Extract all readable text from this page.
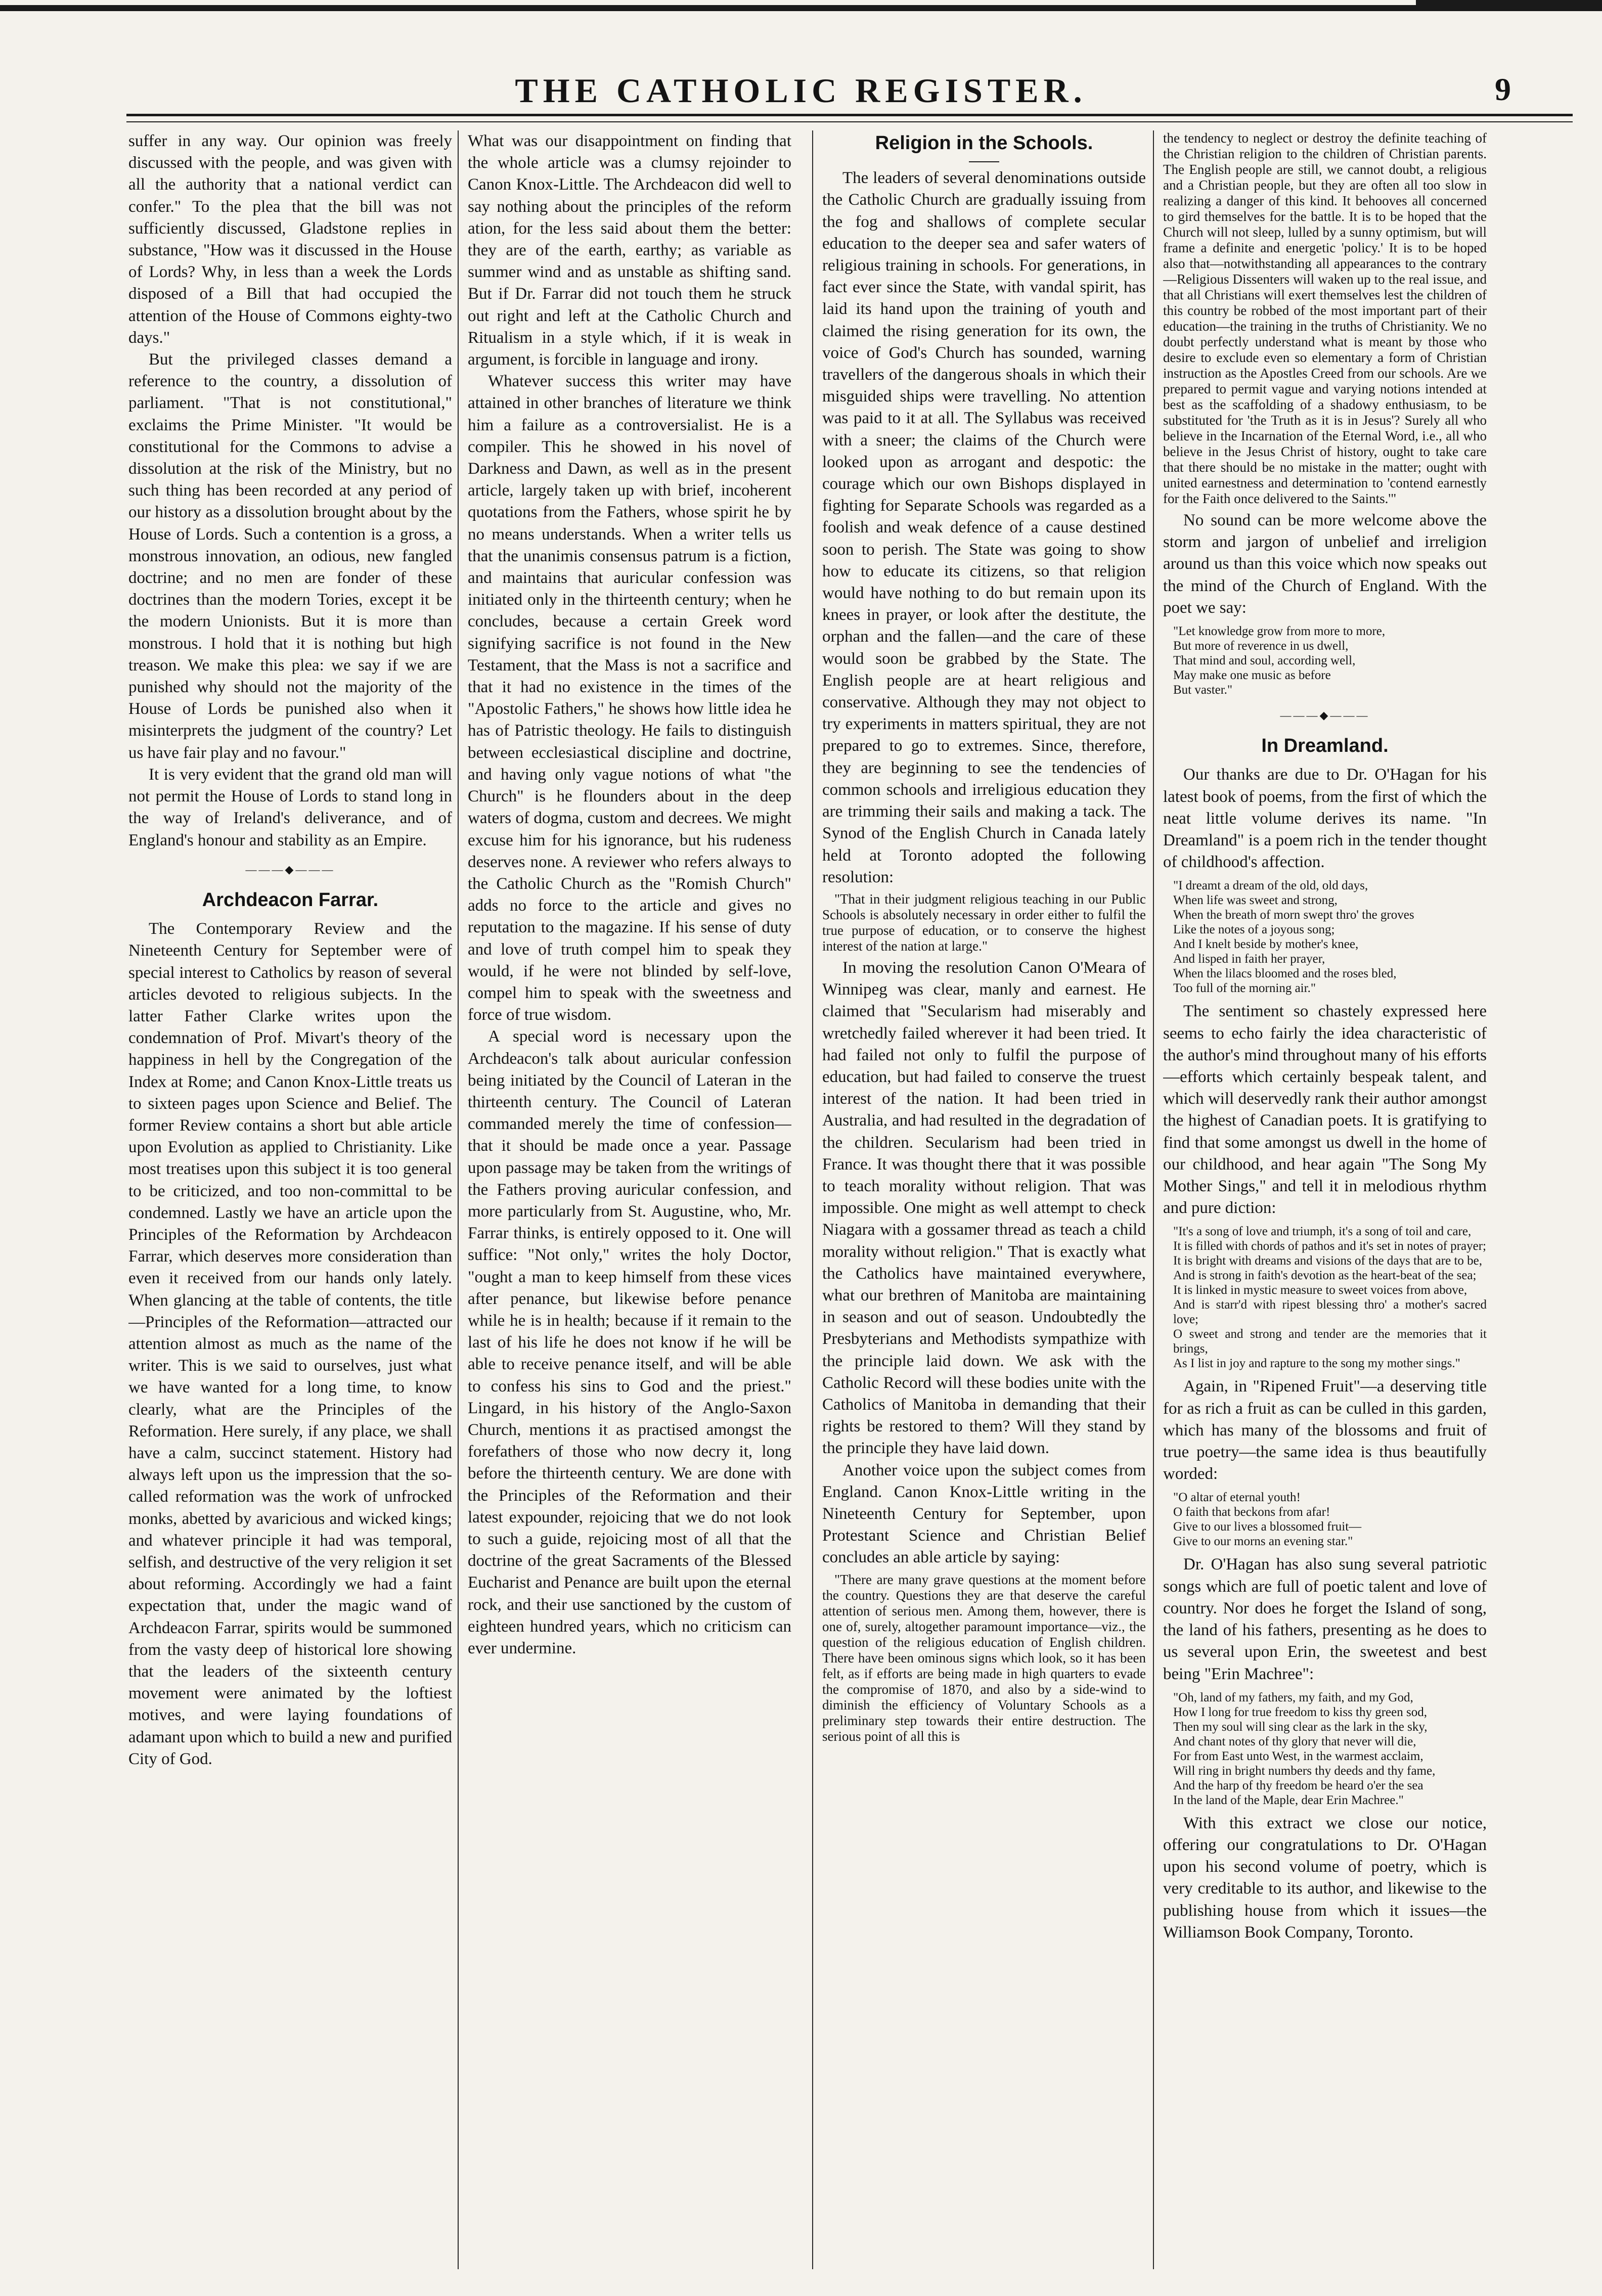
THE CATHOLIC REGISTER.	9

suffer in any way. Our opinion was freely discussed with the people, and was given with all the authority that a national verdict can confer." To the plea that the bill was not sufficiently discussed, Gladstone replies in substance, "How was it discussed in the House of Lords? Why, in less than a week the Lords disposed of a Bill that had occupied the attention of the House of Commons eighty-two days."

But the privileged classes demand a reference to the country, a dissolution of parliament. "That is not constitutional," exclaims the Prime Minister. "It would be constitutional for the Commons to advise a dissolution at the risk of the Ministry, but no such thing has been recorded at any period of our history as a dissolution brought about by the House of Lords. Such a contention is a gross, a monstrous innovation, an odious, new fangled doctrine; and no men are fonder of these doctrines than the modern Tories, except it be the modern Unionists. But it is more than monstrous. I hold that it is nothing but high treason. We make this plea: we say if we are punished why should not the majority of the House of Lords be punished also when it misinterprets the judgment of the country? Let us have fair play and no favour."

It is very evident that the grand old man will not permit the House of Lords to stand long in the way of Ireland's deliverance, and of England's honour and stability as an Empire.

―――◆―――
Archdeacon Farrar.

The Contemporary Review and the Nineteenth Century for September were of special interest to Catholics by reason of several articles devoted to religious subjects. In the latter Father Clarke writes upon the condemnation of Prof. Mivart's theory of the happiness in hell by the Congregation of the Index at Rome; and Canon Knox-Little treats us to sixteen pages upon Science and Belief. The former Review contains a short but able article upon Evolution as applied to Christianity. Like most treatises upon this subject it is too general to be criticized, and too non-committal to be condemned. Lastly we have an article upon the Principles of the Reformation by Archdeacon Farrar, which deserves more consideration than even it received from our hands only lately. When glancing at the table of contents, the title—Principles of the Reformation—attracted our attention almost as much as the name of the writer. This is we said to ourselves, just what we have wanted for a long time, to know clearly, what are the Principles of the Reformation. Here surely, if any place, we shall have a calm, succinct statement. History had always left upon us the impression that the so-called reformation was the work of unfrocked monks, abetted by avaricious and wicked kings; and whatever principle it had was temporal, selfish, and destructive of the very religion it set about reforming. Accordingly we had a faint expectation that, under the magic wand of Archdeacon Farrar, spirits would be summoned from the vasty deep of historical lore showing that the leaders of the sixteenth century movement were animated by the loftiest motives, and were laying foundations of adamant upon which to build a new and purified City of God.

What was our disappointment on finding that the whole article was a clumsy rejoinder to Canon Knox-Little. The Archdeacon did well to say nothing about the principles of the reform ation, for the less said about them the better: they are of the earth, earthy; as variable as summer wind and as unstable as shifting sand. But if Dr. Farrar did not touch them he struck out right and left at the Catholic Church and Ritualism in a style which, if it is weak in argument, is forcible in language and irony.

Whatever success this writer may have attained in other branches of literature we think him a failure as a controversialist. He is a compiler. This he showed in his novel of Darkness and Dawn, as well as in the present article, largely taken up with brief, incoherent quotations from the Fathers, whose spirit he by no means understands. When a writer tells us that the unanimis consensus patrum is a fiction, and maintains that auricular confession was initiated only in the thirteenth century; when he concludes, because a certain Greek word signifying sacrifice is not found in the New Testament, that the Mass is not a sacrifice and that it had no existence in the times of the "Apostolic Fathers," he shows how little idea he has of Patristic theology. He fails to distinguish between ecclesiastical discipline and doctrine, and having only vague notions of what "the Church" is he flounders about in the deep waters of dogma, custom and decrees. We might excuse him for his ignorance, but his rudeness deserves none. A reviewer who refers always to the Catholic Church as the "Romish Church" adds no force to the article and gives no reputation to the magazine. If his sense of duty and love of truth compel him to speak they would, if he were not blinded by self-love, compel him to speak with the sweetness and force of true wisdom.

A special word is necessary upon the Archdeacon's talk about auricular confession being initiated by the Council of Lateran in the thirteenth century. The Council of Lateran commanded merely the time of confession—that it should be made once a year. Passage upon passage may be taken from the writings of the Fathers proving auricular confession, and more particularly from St. Augustine, who, Mr. Farrar thinks, is entirely opposed to it. One will suffice: "Not only," writes the holy Doctor, "ought a man to keep himself from these vices after penance, but likewise before penance while he is in health; because if it remain to the last of his life he does not know if he will be able to receive penance itself, and will be able to confess his sins to God and the priest." Lingard, in his history of the Anglo-Saxon Church, mentions it as practised amongst the forefathers of those who now decry it, long before the thirteenth century. We are done with the Principles of the Reformation and their latest expounder, rejoicing that we do not look to such a guide, rejoicing most of all that the doctrine of the great Sacraments of the Blessed Eucharist and Penance are built upon the eternal rock, and their use sanctioned by the custom of eighteen hundred years, which no criticism can ever undermine.

Religion in the Schools.

The leaders of several denominations outside the Catholic Church are gradually issuing from the fog and shallows of complete secular education to the deeper sea and safer waters of religious training in schools. For generations, in fact ever since the State, with vandal spirit, has laid its hand upon the training of youth and claimed the rising generation for its own, the voice of God's Church has sounded, warning travellers of the dangerous shoals in which their misguided ships were travelling. No attention was paid to it at all. The Syllabus was received with a sneer; the claims of the Church were looked upon as arrogant and despotic: the courage which our own Bishops displayed in fighting for Separate Schools was regarded as a foolish and weak defence of a cause destined soon to perish. The State was going to show how to educate its citizens, so that religion would have nothing to do but remain upon its knees in prayer, or look after the destitute, the orphan and the fallen—and the care of these would soon be grabbed by the State. The English people are at heart religious and conservative. Although they may not object to try experiments in matters spiritual, they are not prepared to go to extremes. Since, therefore, they are beginning to see the tendencies of common schools and irreligious education they are trimming their sails and making a tack. The Synod of the English Church in Canada lately held at Toronto adopted the following resolution:

"That in their judgment religious teaching in our Public Schools is absolutely necessary in order either to fulfil the true purpose of education, or to conserve the highest interest of the nation at large."

In moving the resolution Canon O'Meara of Winnipeg was clear, manly and earnest. He claimed that "Secularism had miserably and wretchedly failed wherever it had been tried. It had failed not only to fulfil the purpose of education, but had failed to conserve the truest interest of the nation. It had been tried in Australia, and had resulted in the degradation of the children. Secularism had been tried in France. It was thought there that it was possible to teach morality without religion. That was impossible. One might as well attempt to check Niagara with a gossamer thread as teach a child morality without religion." That is exactly what the Catholics have maintained everywhere, what our brethren of Manitoba are maintaining in season and out of season. Undoubtedly the Presbyterians and Methodists sympathize with the principle laid down. We ask with the Catholic Record will these bodies unite with the Catholics of Manitoba in demanding that their rights be restored to them? Will they stand by the principle they have laid down.

Another voice upon the subject comes from England. Canon Knox-Little writing in the Nineteenth Century for September, upon Protestant Science and Christian Belief concludes an able article by saying:

"There are many grave questions at the moment before the country. Questions they are that deserve the careful attention of serious men. Among them, however, there is one of, surely, altogether paramount importance—viz., the question of the religious education of English children. There have been ominous signs which look, so it has been felt, as if efforts are being made in high quarters to evade the compromise of 1870, and also by a side-wind to diminish the efficiency of Voluntary Schools as a preliminary step towards their entire destruction. The serious point of all this is

the tendency to neglect or destroy the definite teaching of the Christian religion to the children of Christian parents. The English people are still, we cannot doubt, a religious and a Christian people, but they are often all too slow in realizing a danger of this kind. It behooves all concerned to gird themselves for the battle. It is to be hoped that the Church will not sleep, lulled by a sunny optimism, but will frame a definite and energetic 'policy.' It is to be hoped also that—notwithstanding all appearances to the contrary—Religious Dissenters will waken up to the real issue, and that all Christians will exert themselves lest the children of this country be robbed of the most important part of their education—the training in the truths of Christianity. We no doubt perfectly understand what is meant by those who desire to exclude even so elementary a form of Christian instruction as the Apostles Creed from our schools. Are we prepared to permit vague and varying notions intended at best as the scaffolding of a shadowy enthusiasm, to be substituted for 'the Truth as it is in Jesus'? Surely all who believe in the Incarnation of the Eternal Word, i.e., all who believe in the Jesus Christ of history, ought to take care that there should be no mistake in the matter; ought with united earnestness and determination to 'contend earnestly for the Faith once delivered to the Saints.'"

No sound can be more welcome above the storm and jargon of unbelief and irreligion around us than this voice which now speaks out the mind of the Church of England. With the poet we say:

"Let knowledge grow from more to more,
But more of reverence in us dwell,
That mind and soul, according well,
May make one music as before
But vaster."
―――◆―――
In Dreamland.

Our thanks are due to Dr. O'Hagan for his latest book of poems, from the first of which the neat little volume derives its name. "In Dreamland" is a poem rich in the tender thought of childhood's affection.

"I dreamt a dream of the old, old days,
When life was sweet and strong,
When the breath of morn swept thro' the groves
Like the notes of a joyous song;
And I knelt beside by mother's knee,
And lisped in faith her prayer,
When the lilacs bloomed and the roses bled,
Too full of the morning air."

The sentiment so chastely expressed here seems to echo fairly the idea characteristic of the author's mind throughout many of his efforts—efforts which certainly bespeak talent, and which will deservedly rank their author amongst the highest of Canadian poets. It is gratifying to find that some amongst us dwell in the home of our childhood, and hear again "The Song My Mother Sings," and tell it in melodious rhythm and pure diction:

"It's a song of love and triumph, it's a song of toil and care,
It is filled with chords of pathos and it's set in notes of prayer;
It is bright with dreams and visions of the days that are to be,
And is strong in faith's devotion as the heart-beat of the sea;
It is linked in mystic measure to sweet voices from above,
And is starr'd with ripest blessing thro' a mother's sacred love;
O sweet and strong and tender are the memories that it brings,
As I list in joy and rapture to the song my mother sings."

Again, in "Ripened Fruit"—a deserving title for as rich a fruit as can be culled in this garden, which has many of the blossoms and fruit of true poetry—the same idea is thus beautifully worded:

"O altar of eternal youth!
O faith that beckons from afar!
Give to our lives a blossomed fruit—
Give to our morns an evening star."

Dr. O'Hagan has also sung several patriotic songs which are full of poetic talent and love of country. Nor does he forget the Island of song, the land of his fathers, presenting as he does to us several upon Erin, the sweetest and best being "Erin Machree":

"Oh, land of my fathers, my faith, and my God,
How I long for true freedom to kiss thy green sod,
Then my soul will sing clear as the lark in the sky,
And chant notes of thy glory that never will die,
For from East unto West, in the warmest acclaim,
Will ring in bright numbers thy deeds and thy fame,
And the harp of thy freedom be heard o'er the sea
In the land of the Maple, dear Erin Machree."

With this extract we close our notice, offering our congratulations to Dr. O'Hagan upon his second volume of poetry, which is very creditable to its author, and likewise to the publishing house from which it issues—the Williamson Book Company, Toronto.
